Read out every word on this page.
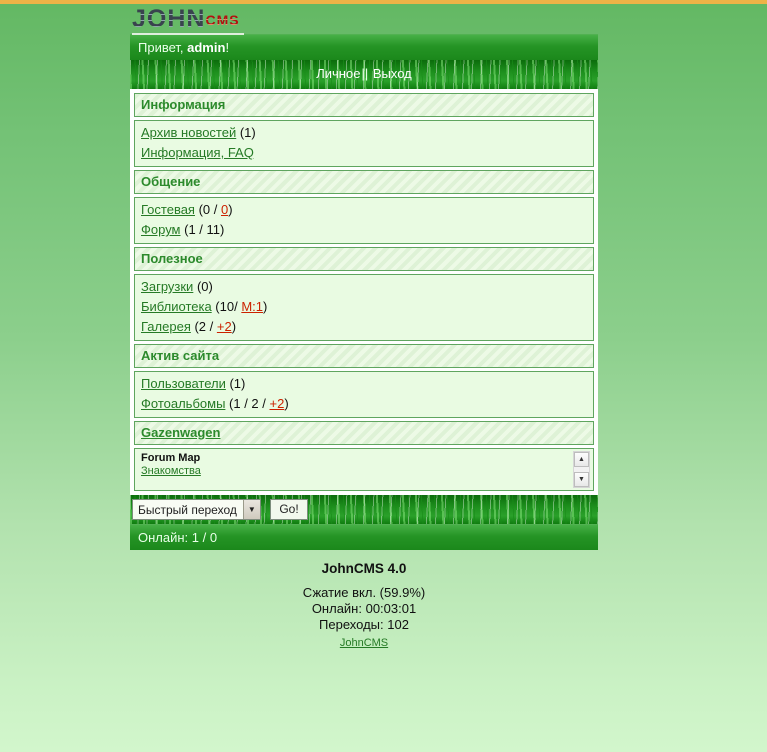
JOHNCMS
Привет, admin!
Личное|| Выход
Информация
Архив новостей (1)
Информация, FAQ
Общение
Гостевая (0 / 0)
Форум (1 / 11)
Полезное
Загрузки (0)
Библиотека (10/ М:1)
Галерея (2 / +2)
Актив сайта
Пользователи (1)
Фотоальбомы (1 / 2 / +2)
Gazenwagen
Forum Map
Знакомства
▲
▼
Быстрый переход	▼	Go!
Онлайн: 1 / 0
JohnCMS 4.0
Сжатие вкл. (59.9%)
Онлайн: 00:03:01
Переходы: 102
JohnCMS
